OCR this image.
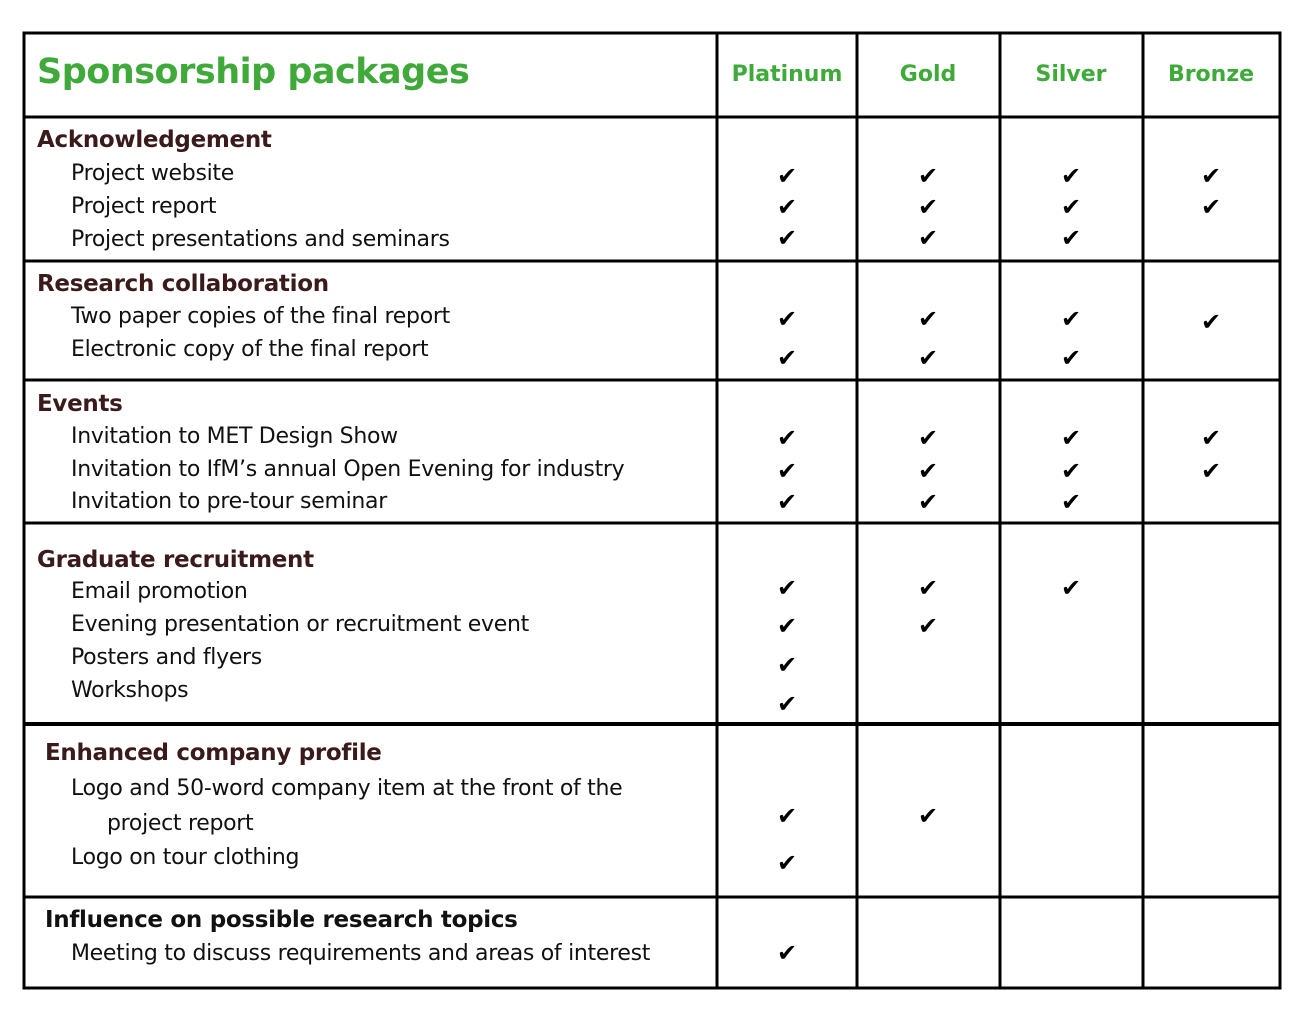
Sponsorship packages	Platinum	Gold	Silver	Bronze
Acknowledgement
Project website	✔	✔	✔	✔
Project report	✔	✔	✔	✔
Project presentations and seminars	✔	✔	✔
Research collaboration
Two paper copies of the final report	✔	✔	✔	✔
Electronic copy of the final report	✔	✔	✔
Events
Invitation to MET Design Show	✔	✔	✔	✔
Invitation to IfM’s annual Open Evening for industry	✔	✔	✔	✔
Invitation to pre-tour seminar	✔	✔	✔
Graduate recruitment
Email promotion	✔	✔	✔
Evening presentation or recruitment event	✔	✔
Posters and flyers	✔
Workshops	✔
Enhanced company profile
Logo and 50-word company item at the front of the
project report	✔	✔
Logo on tour clothing	✔
Influence on possible research topics
Meeting to discuss requirements and areas of interest	✔
